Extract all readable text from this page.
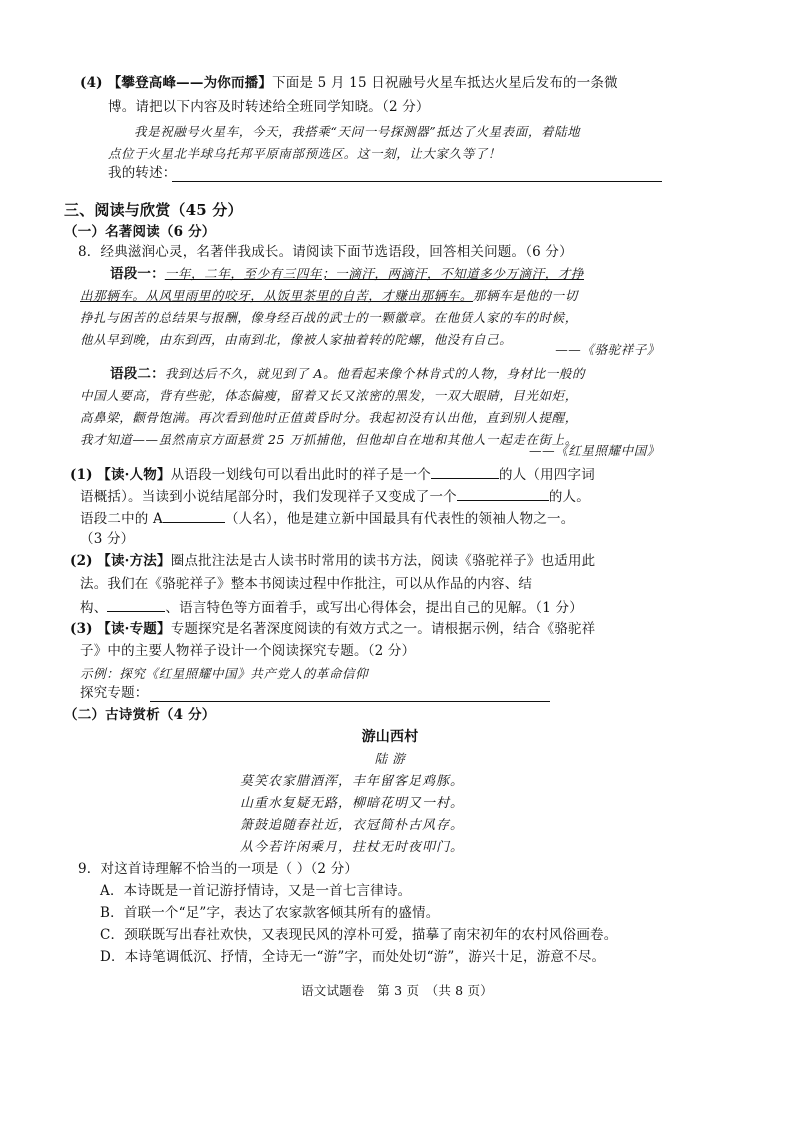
(4) 【攀登高峰——为你而播】下面是 5 月 15 日祝融号火星车抵达火星后发布的一条微
博。请把以下内容及时转述给全班同学知晓。（2 分）
我是祝融号火星车，今天，我搭乘“天问一号探测器”抵达了火星表面，着陆地
点位于火星北半球乌托邦平原南部预选区。这一刻，让大家久等了！
我的转述：
三、阅读与欣赏（45 分）
（一）名著阅读（6 分）
8．经典滋润心灵，名著伴我成长。请阅读下面节选语段，回答相关问题。（6 分）
语段一：一年，二年，至少有三四年；一滴汗，两滴汗，不知道多少万滴汗，才挣
出那辆车。从风里雨里的咬牙，从饭里茶里的自苦，才赚出那辆车。那辆车是他的一切
挣扎与困苦的总结果与报酬，像身经百战的武士的一颗徽章。在他赁人家的车的时候，
他从早到晚，由东到西，由南到北，像被人家抽着转的陀螺，他没有自己。
——《骆驼祥子》
语段二：我到达后不久，就见到了 A。他看起来像个林肯式的人物，身材比一般的
中国人要高，背有些驼，体态偏瘦，留着又长又浓密的黑发，一双大眼睛，目光如炬，
高鼻梁，颧骨饱满。再次看到他时正值黄昏时分。我起初没有认出他，直到别人提醒，
我才知道——虽然南京方面悬赏 25 万抓捕他，但他却自在地和其他人一起走在街上。
——《红星照耀中国》
(1) 【读·人物】从语段一划线句可以看出此时的祥子是一个	的人（用四字词
语概括）。当读到小说结尾部分时，我们发现祥子又变成了一个	的人。
语段二中的 A	（人名），他是建立新中国最具有代表性的领袖人物之一。
（3 分）
(2) 【读·方法】圈点批注法是古人读书时常用的读书方法，阅读《骆驼祥子》也适用此
法。我们在《骆驼祥子》整本书阅读过程中作批注，可以从作品的内容、结
构、	、语言特色等方面着手，或写出心得体会，提出自己的见解。（1 分）
(3) 【读·专题】专题探究是名著深度阅读的有效方式之一。请根据示例，结合《骆驼祥
子》中的主要人物祥子设计一个阅读探究专题。（2 分）
示例：探究《红星照耀中国》共产党人的革命信仰
探究专题：
（二）古诗赏析（4 分）
游山西村
陆 游
莫笑农家腊酒浑，丰年留客足鸡豚。
山重水复疑无路，柳暗花明又一村。
箫鼓追随春社近，衣冠简朴古风存。
从今若许闲乘月，拄杖无时夜叩门。
9．对这首诗理解不恰当的一项是（ ）（2 分）
A．本诗既是一首记游抒情诗，又是一首七言律诗。
B．首联一个“足”字，表达了农家款客倾其所有的盛情。
C．颈联既写出春社欢快，又表现民风的淳朴可爱，描摹了南宋初年的农村风俗画卷。
D．本诗笔调低沉、抒情，全诗无一“游”字，而处处切“游”，游兴十足，游意不尽。
语文试题卷　第 3 页　（共 8 页）
